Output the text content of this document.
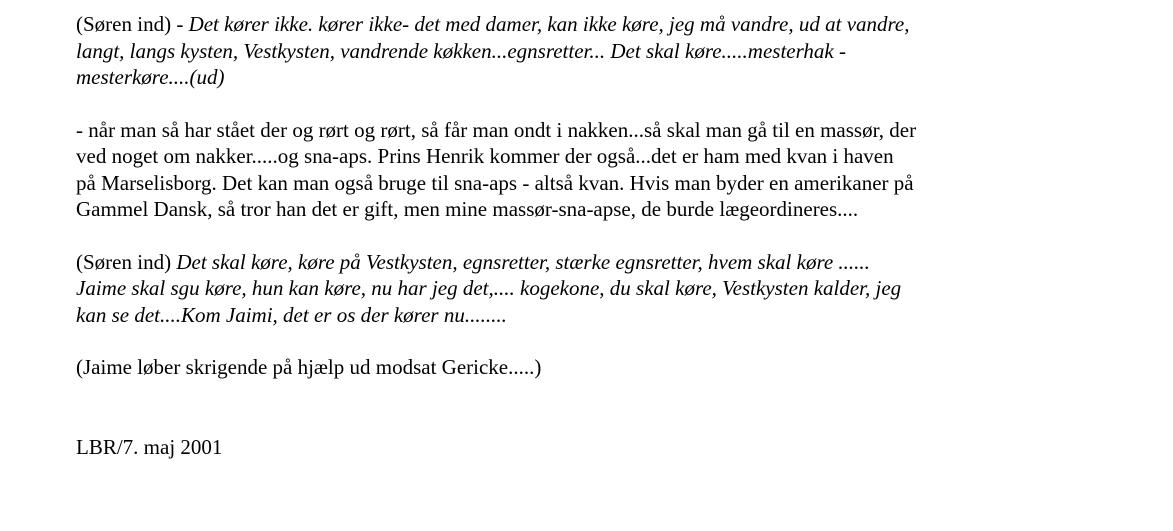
(Søren ind) - Det kører ikke. kører ikke- det med damer, kan ikke køre, jeg må vandre, ud at vandre,
langt, langs kysten, Vestkysten, vandrende køkken...egnsretter... Det skal køre.....mesterhak -
mesterkøre....(ud)

- når man så har stået der og rørt og rørt, så får man ondt i nakken...så skal man gå til en massør, der
ved noget om nakker.....og sna-aps. Prins Henrik kommer der også...det er ham med kvan i haven
på Marselisborg. Det kan man også bruge til sna-aps - altså kvan. Hvis man byder en amerikaner på
Gammel Dansk, så tror han det er gift, men mine massør-sna-apse, de burde lægeordineres....

(Søren ind) Det skal køre, køre på Vestkysten, egnsretter, stærke egnsretter, hvem skal køre ......
Jaime skal sgu køre, hun kan køre, nu har jeg det,.... kogekone, du skal køre, Vestkysten kalder, jeg
kan se det....Kom Jaimi, det er os der kører nu........

(Jaime løber skrigende på hjælp ud modsat Gericke.....)

LBR/7. maj 2001
